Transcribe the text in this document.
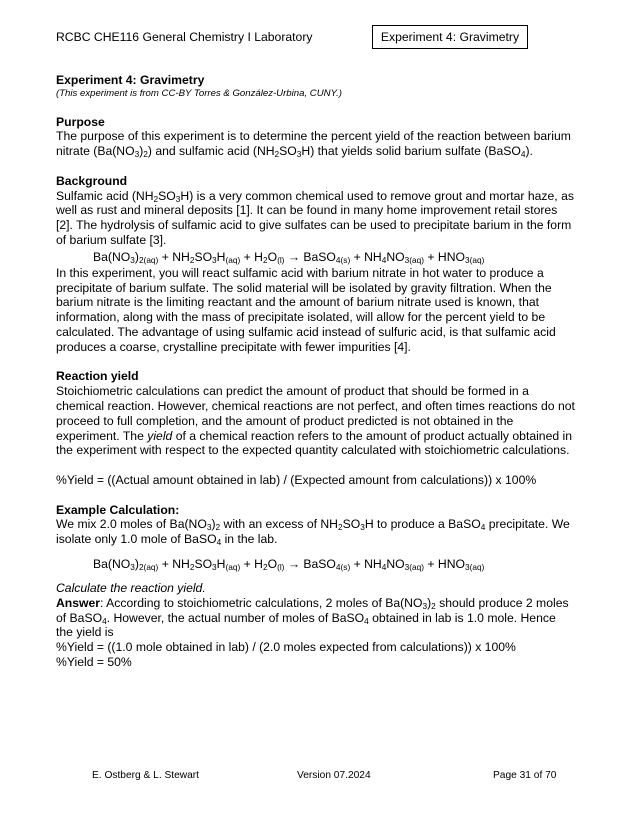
RCBC CHE116 General Chemistry I Laboratory	Experiment 4: Gravimetry

Experiment 4: Gravimetry

(This experiment is from CC-BY Torres & González-Urbina, CUNY.)

Purpose

The purpose of this experiment is to determine the percent yield of the reaction between barium nitrate $(Ba(NO_3)_2)$ and sulfamic acid $(NH_2SO_3H)$ that yields solid barium sulfate (BaSO$_4$).

Background

Sulfamic acid $(NH_2SO_3H)$ is a very common chemical used to remove grout and mortar haze, as well as rust and mineral deposits [1]. It can be found in many home improvement retail stores [2]. The hydrolysis of sulfamic acid to give sulfates can be used to precipitate barium in the form of barium sulfate [3].

$Ba(NO_3)_{2(aq)} + NH_2SO_3H_{(aq)} + H_2O_{(l)}$ → BaSO$_{4(s)}$ + $NH_4NO_{3(aq)} + HNO_{3(aq)}$

In this experiment, you will react sulfamic acid with barium nitrate in hot water to produce a precipitate of barium sulfate. The solid material will be isolated by gravity filtration. When the barium nitrate is the limiting reactant and the amount of barium nitrate used is known, that information, along with the mass of precipitate isolated, will allow for the percent yield to be calculated. The advantage of using sulfamic acid instead of sulfuric acid, is that sulfamic acid produces a coarse, crystalline precipitate with fewer impurities [4].

Reaction yield

Stoichiometric calculations can predict the amount of product that should be formed in a chemical reaction. However, chemical reactions are not perfect, and often times reactions do not proceed to full completion, and the amount of product predicted is not obtained in the experiment. The yield of a chemical reaction refers to the amount of product actually obtained in the experiment with respect to the expected quantity calculated with stoichiometric calculations.

%Yield = ((Actual amount obtained in lab) / (Expected amount from calculations)) x 100%

Example Calculation:

We mix 2.0 moles of $Ba(NO_3)_2$ with an excess of $NH_2SO_3H$ to produce a BaSO$_4$ precipitate. We isolate only 1.0 mole of BaSO$_4$ in the lab.

$Ba(NO_3)_{2(aq)} + NH_2SO_3H_{(aq)} + H_2O_{(l)}$ → BaSO$_{4(s)}$ + $NH_4NO_{3(aq)} + HNO_{3(aq)}$

Calculate the reaction yield.

Answer: According to stoichiometric calculations, 2 moles of $Ba(NO_3)_2$ should produce 2 moles of BaSO$_4$. However, the actual number of moles of BaSO$_4$ obtained in lab is 1.0 mole. Hence the yield is

%Yield = ((1.0 mole obtained in lab) / (2.0 moles expected from calculations)) x 100%

%Yield = 50%

E. Ostberg & L. Stewart	Version 07.2024	Page 31 of 70
